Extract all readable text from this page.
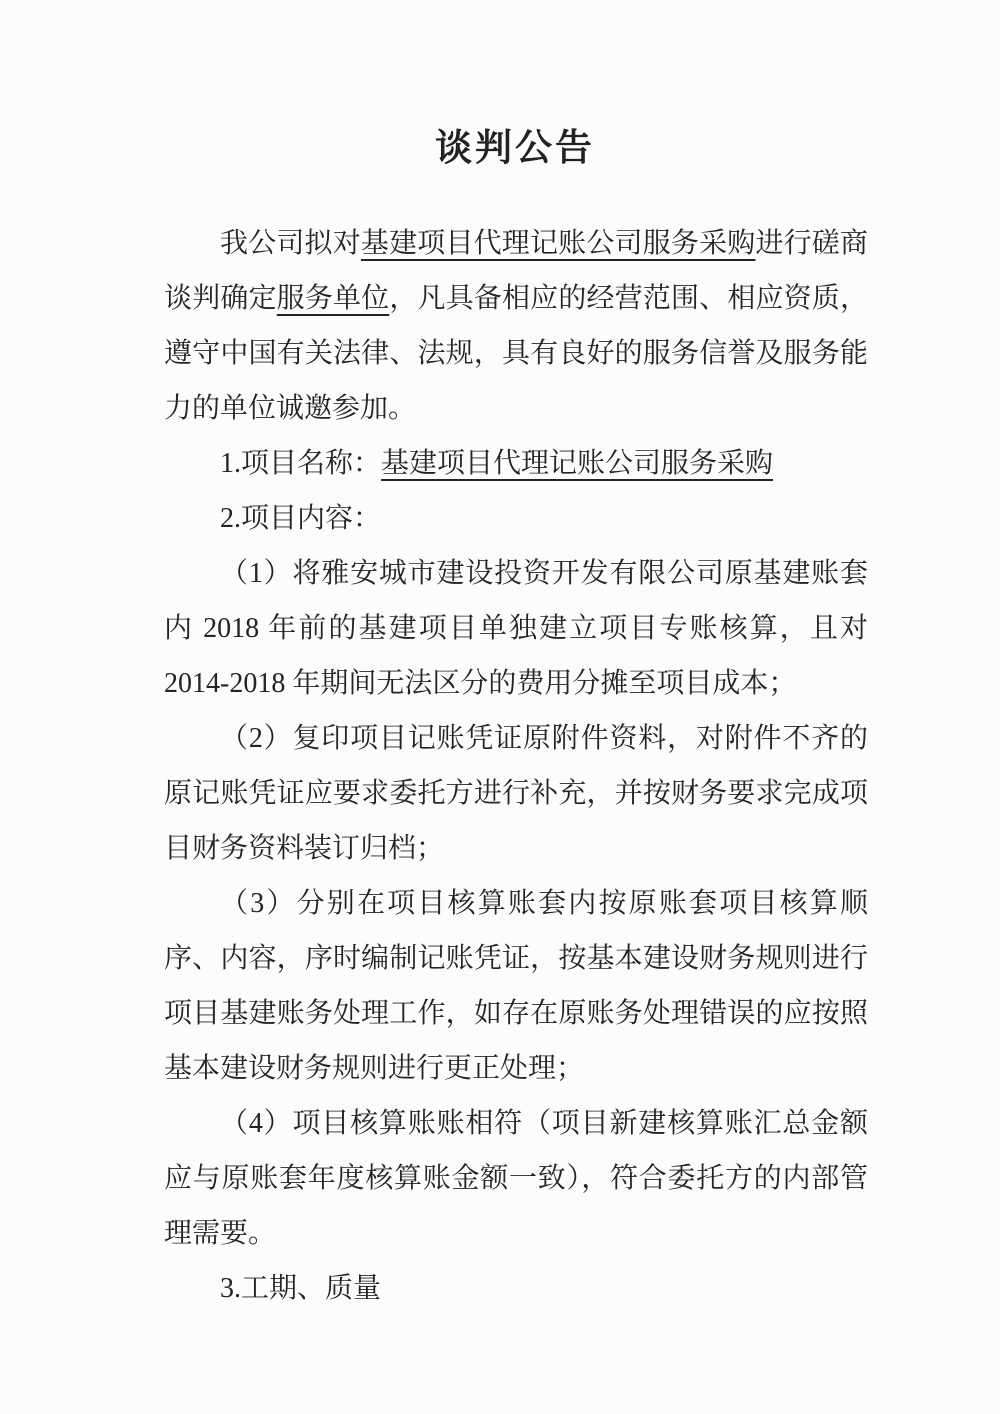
谈判公告

我公司拟对基建项目代理记账公司服务采购进行磋商谈判确定服务单位，凡具备相应的经营范围、相应资质，遵守中国有关法律、法规，具有良好的服务信誉及服务能力的单位诚邀参加。

1.项目名称：基建项目代理记账公司服务采购

2.项目内容：

（1）将雅安城市建设投资开发有限公司原基建账套内 2018 年前的基建项目单独建立项目专账核算，且对 2014-2018 年期间无法区分的费用分摊至项目成本；

（2）复印项目记账凭证原附件资料，对附件不齐的原记账凭证应要求委托方进行补充，并按财务要求完成项目财务资料装订归档；

（3）分别在项目核算账套内按原账套项目核算顺序、内容，序时编制记账凭证，按基本建设财务规则进行项目基建账务处理工作，如存在原账务处理错误的应按照基本建设财务规则进行更正处理；

（4）项目核算账账相符（项目新建核算账汇总金额应与原账套年度核算账金额一致），符合委托方的内部管理需要。

3.工期、质量
